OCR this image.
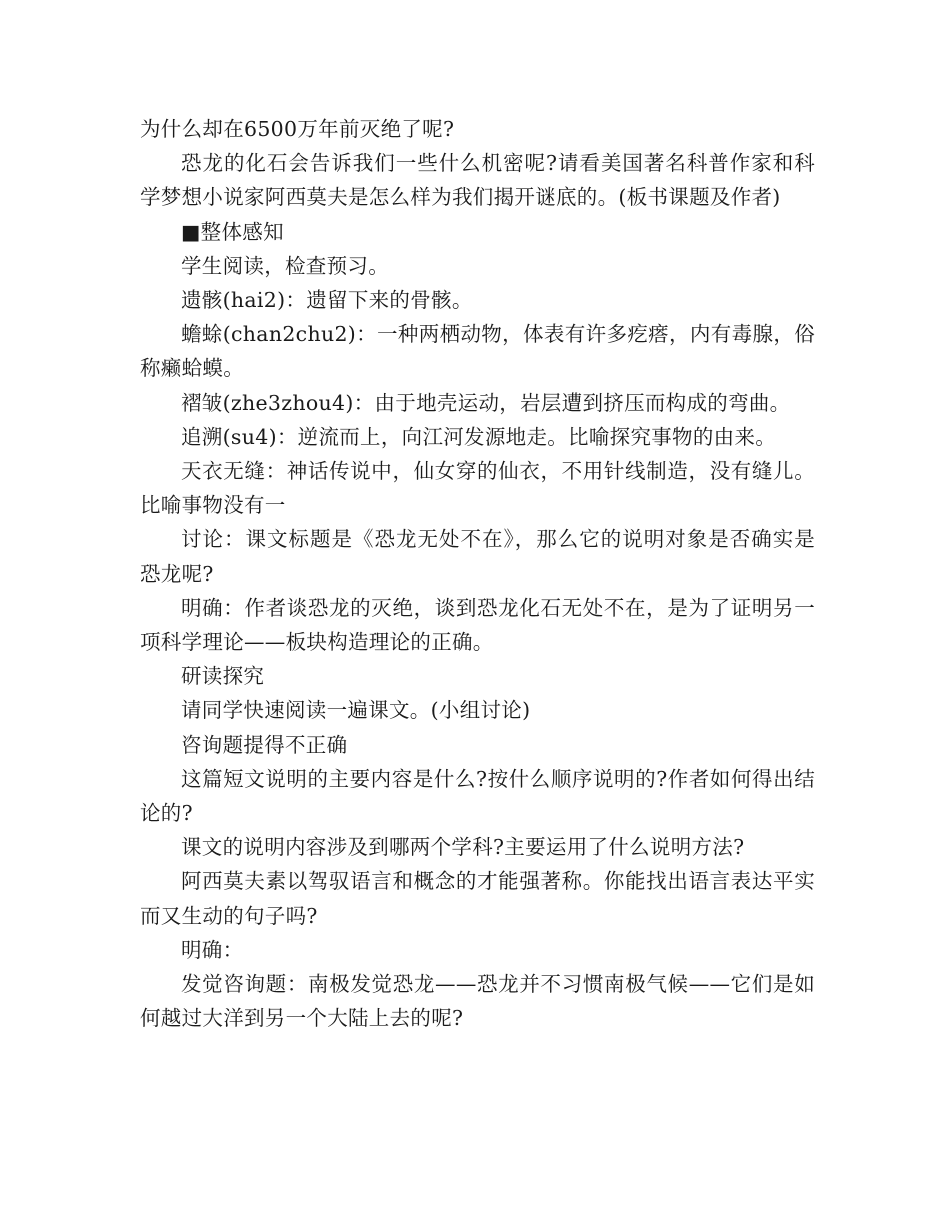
为什么却在6500万年前灭绝了呢?

恐龙的化石会告诉我们一些什么机密呢?请看美国著名科普作家和科学梦想小说家阿西莫夫是怎么样为我们揭开谜底的。(板书课题及作者)

■整体感知

学生阅读，检查预习。

遗骸(hai2)：遗留下来的骨骸。

蟾蜍(chan2chu2)：一种两栖动物，体表有许多疙瘩，内有毒腺，俗称癞蛤蟆。

褶皱(zhe3zhou4)：由于地壳运动，岩层遭到挤压而构成的弯曲。

追溯(su4)：逆流而上，向江河发源地走。比喻探究事物的由来。

天衣无缝：神话传说中，仙女穿的仙衣，不用针线制造，没有缝儿。比喻事物没有一

讨论：课文标题是《恐龙无处不在》，那么它的说明对象是否确实是恐龙呢?

明确：作者谈恐龙的灭绝，谈到恐龙化石无处不在，是为了证明另一项科学理论——板块构造理论的正确。

研读探究

请同学快速阅读一遍课文。(小组讨论)

咨询题提得不正确

这篇短文说明的主要内容是什么?按什么顺序说明的?作者如何得出结论的?

课文的说明内容涉及到哪两个学科?主要运用了什么说明方法?

阿西莫夫素以驾驭语言和概念的才能强著称。你能找出语言表达平实而又生动的句子吗?

明确：

发觉咨询题：南极发觉恐龙——恐龙并不习惯南极气候——它们是如何越过大洋到另一个大陆上去的呢?
